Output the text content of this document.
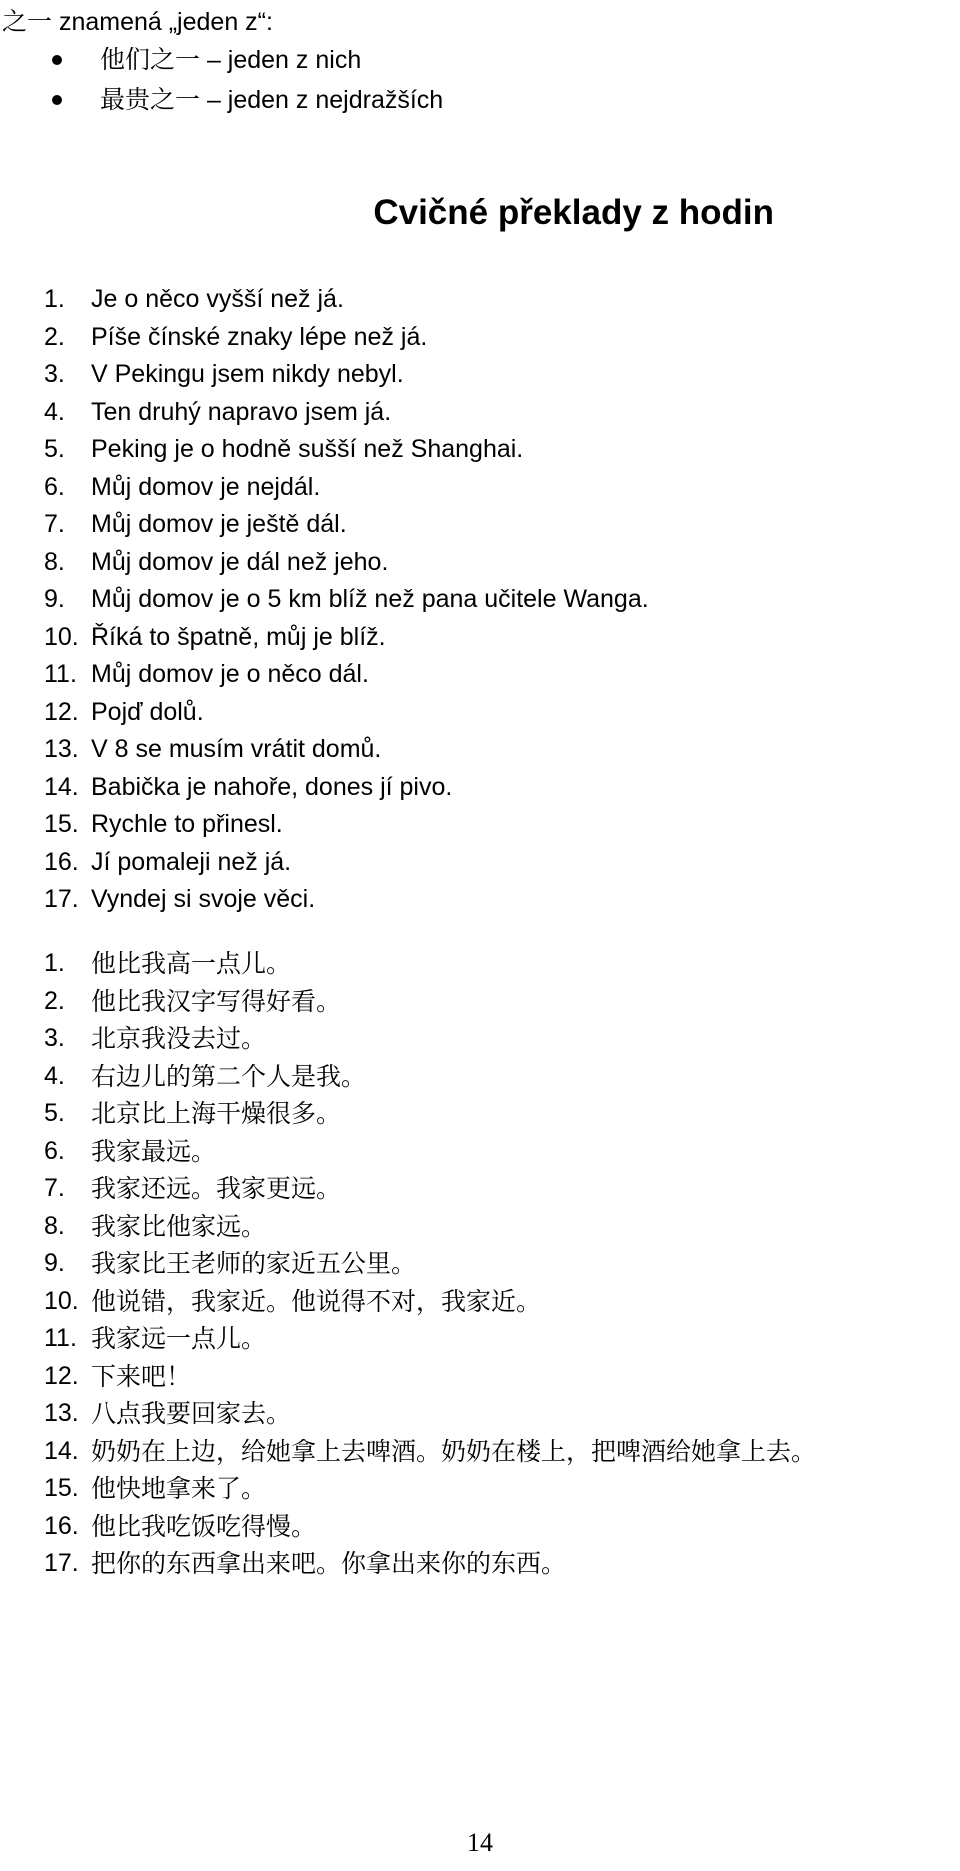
之一 znamená „jeden z“:
他们之一 – jeden z nich
最贵之一 – jeden z nejdražších
Cvičné překlady z hodin
1.	Je o něco vyšší než já.
2.	Píše čínské znaky lépe než já.
3.	V Pekingu jsem nikdy nebyl.
4.	Ten druhý napravo jsem já.
5.	Peking je o hodně sušší než Shanghai.
6.	Můj domov je nejdál.
7.	Můj domov je ještě dál.
8.	Můj domov je dál než jeho.
9.	Můj domov je o 5 km blíž než pana učitele Wanga.
10. Říká to špatně, můj je blíž.
11. Můj domov je o něco dál.
12. Pojď dolů.
13. V 8 se musím vrátit domů.
14. Babička je nahoře, dones jí pivo.
15. Rychle to přinesl.
16. Jí pomaleji než já.
17. Vyndej si svoje věci.
1.	他比我高一点儿。
2.	他比我汉字写得好看。
3.	北京我没去过。
4.	右边儿的第二个人是我。
5.	北京比上海干燥很多。
6.	我家最远。
7.	我家还远。我家更远。
8.	我家比他家远。
9.	我家比王老师的家近五公里。
10. 他说错，我家近。他说得不对，我家近。
11. 我家远一点儿。
12. 下来吧！
13. 八点我要回家去。
14. 奶奶在上边，给她拿上去啤酒。奶奶在楼上，把啤酒给她拿上去。
15. 他快地拿来了。
16. 他比我吃饭吃得慢。
17. 把你的东西拿出来吧。你拿出来你的东西。
14
